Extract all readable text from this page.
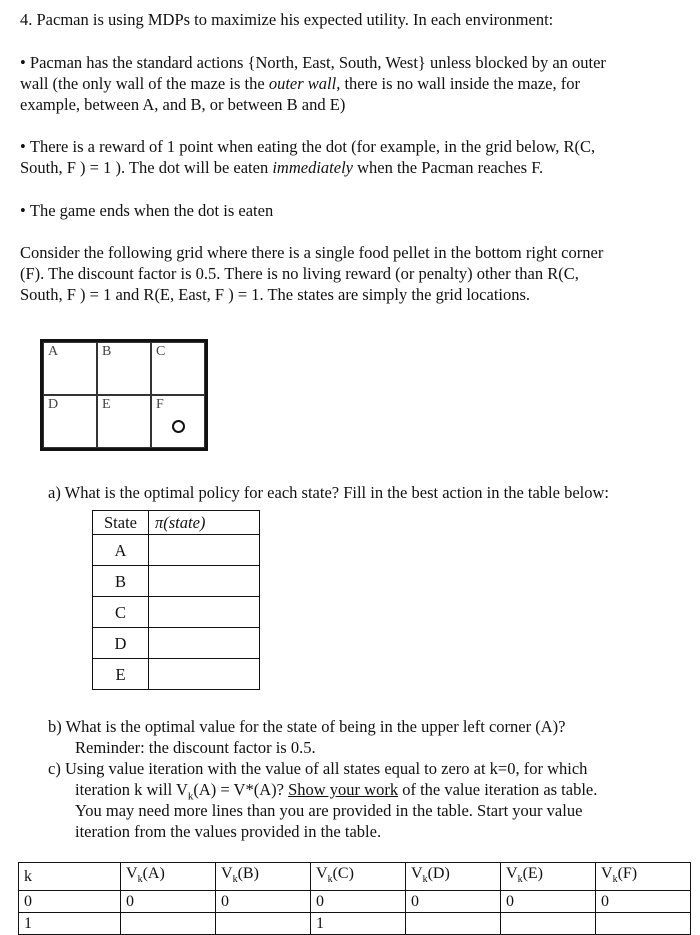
4. Pacman is using MDPs to maximize his expected utility. In each environment:
• Pacman has the standard actions {North, East, South, West} unless blocked by an outer
wall (the only wall of the maze is the outer wall, there is no wall inside the maze, for
example, between A, and B, or between B and E)
• There is a reward of 1 point when eating the dot (for example, in the grid below, R(C,
South, F ) = 1 ). The dot will be eaten immediately when the Pacman reaches F.
• The game ends when the dot is eaten
Consider the following grid where there is a single food pellet in the bottom right corner
(F). The discount factor is 0.5. There is no living reward (or penalty) other than R(C,
South, F ) = 1 and R(E, East, F ) = 1. The states are simply the grid locations.
A	B	C
D	E	F
a) What is the optimal policy for each state? Fill in the best action in the table below:
State	π(state)
A	
B	
C	
D	
E	
b) What is the optimal value for the state of being in the upper left corner (A)?
Reminder: the discount factor is 0.5.
c) Using value iteration with the value of all states equal to zero at k=0, for which
iteration k will $V_k(A) = V*(A)$? Show your work of the value iteration as table.
You may need more lines than you are provided in the table. Start your value
iteration from the values provided in the table.
k	$V_k(A)$	$V_k(B)$	$V_k(C)$	$V_k(D)$	$V_k(E)$	$V_k(F)$
0	0	0	0	0	0	0
1			1			
